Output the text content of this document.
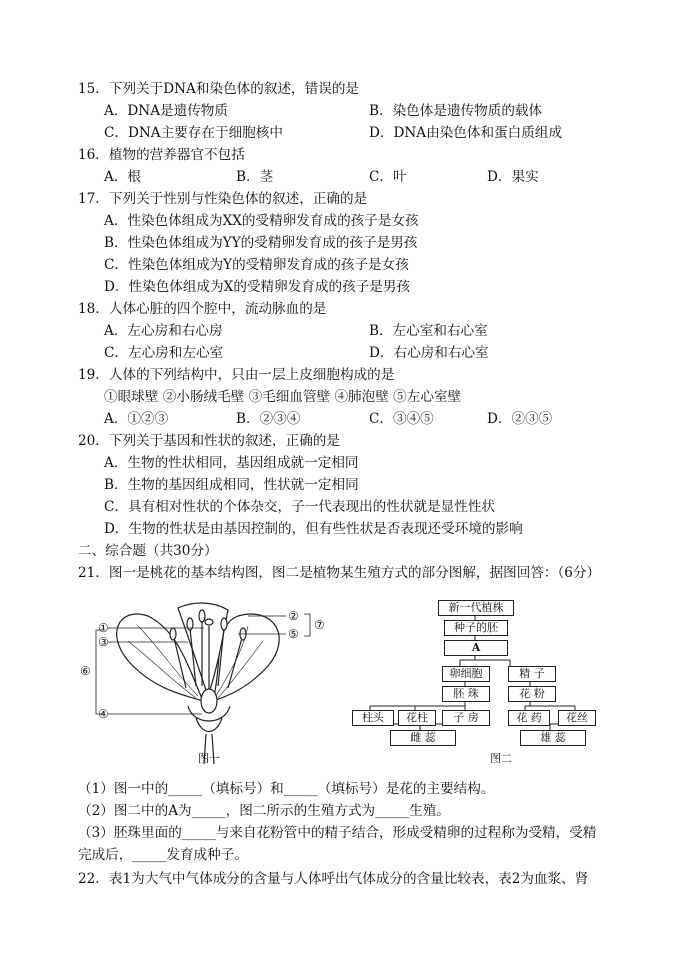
15．下列关于DNA和染色体的叙述，错误的是
A．DNA是遗传物质	B．染色体是遗传物质的载体
C．DNA主要存在于细胞核中	D．DNA由染色体和蛋白质组成
16．植物的营养器官不包括
A．根	B．茎	C．叶	D．果实
17．下列关于性别与性染色体的叙述，正确的是
A．性染色体组成为XX的受精卵发育成的孩子是女孩
B．性染色体组成为YY的受精卵发育成的孩子是男孩
C．性染色体组成为Y的受精卵发育成的孩子是女孩
D．性染色体组成为X的受精卵发育成的孩子是男孩
18．人体心脏的四个腔中，流动脉血的是
A．左心房和右心房	B．左心室和右心室
C．左心房和左心室	D．右心房和右心室
19．人体的下列结构中，只由一层上皮细胞构成的是
①眼球壁 ②小肠绒毛壁 ③毛细血管壁 ④肺泡壁 ⑤左心室壁
A．①②③	B．②③④	C．③④⑤	D．②③⑤
20．下列关于基因和性状的叙述，正确的是
A．生物的性状相同，基因组成就一定相同
B．生物的基因组成相同，性状就一定相同
C．具有相对性状的个体杂交，子一代表现出的性状就是显性性状
D．生物的性状是由基因控制的，但有些性状是否表现还受环境的影响
二、综合题（共30分）
21．图一是桃花的基本结构图，图二是植物某生殖方式的部分图解，据图回答：（6分）
①
②
③
④
⑤
⑥
⑦
图一
新一代植株
种子的胚
A
卵细胞	精 子
胚 珠	花 粉
柱头	花柱	子 房	花 药	花丝
雌 蕊	雄 蕊
图二
（1）图一中的_____（填标号）和_____（填标号）是花的主要结构。
（2）图二中的A为_____，图二所示的生殖方式为_____生殖。
（3）胚珠里面的_____与来自花粉管中的精子结合，形成受精卵的过程称为受精，受精
完成后，_____发育成种子。
22．表1为大气中气体成分的含量与人体呼出气体成分的含量比较表，表2为血浆、肾
